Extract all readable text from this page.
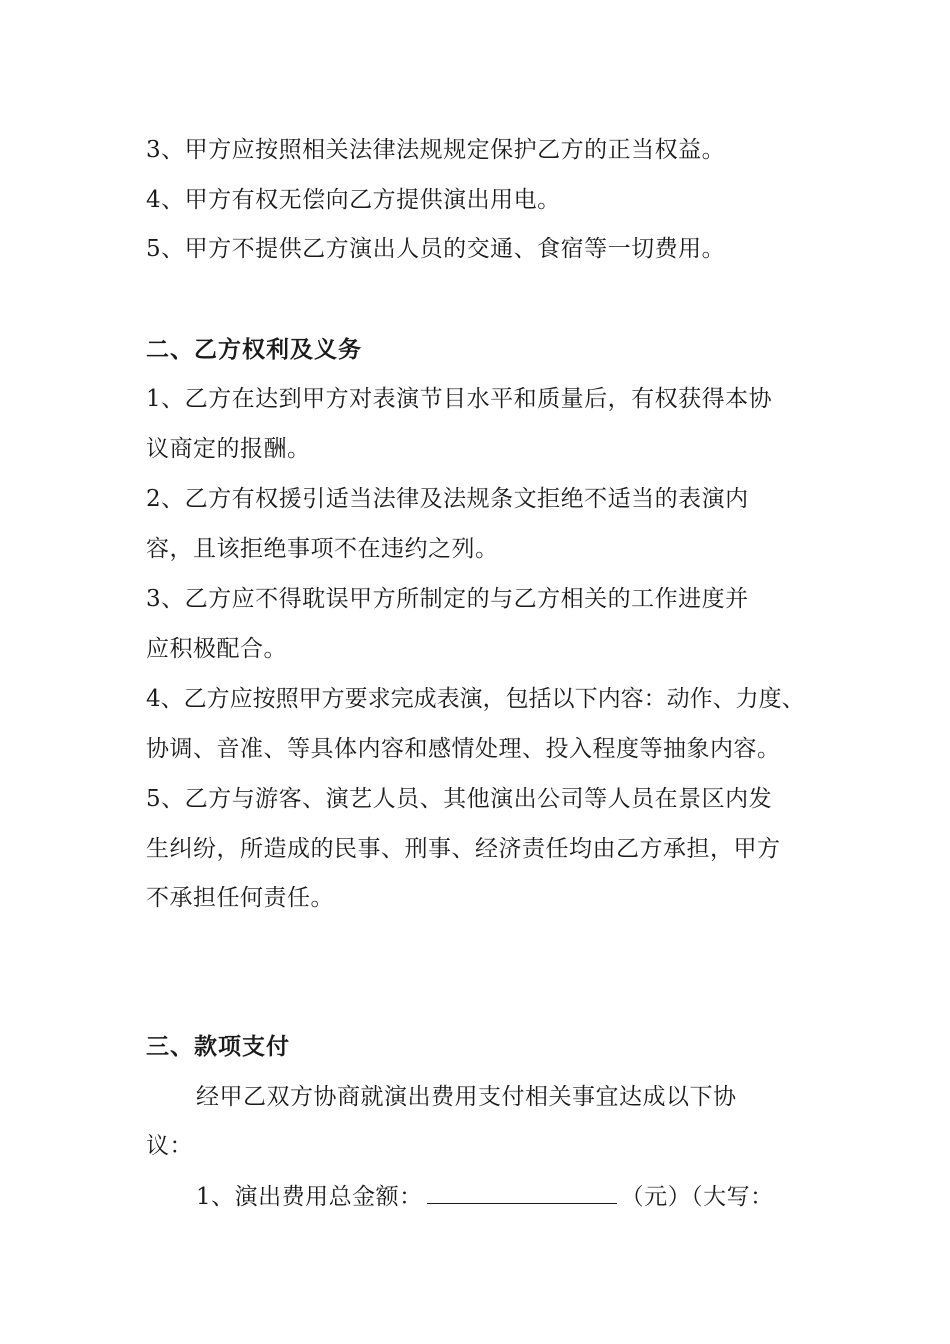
3、甲方应按照相关法律法规规定保护乙方的正当权益。
4、甲方有权无偿向乙方提供演出用电。
5、甲方不提供乙方演出人员的交通、食宿等一切费用。
二、乙方权利及义务
1、乙方在达到甲方对表演节目水平和质量后，有权获得本协
议商定的报酬。
2、乙方有权援引适当法律及法规条文拒绝不适当的表演内
容，且该拒绝事项不在违约之列。
3、乙方应不得耽误甲方所制定的与乙方相关的工作进度并
应积极配合。
4、乙方应按照甲方要求完成表演，包括以下内容：动作、力度、
协调、音准、等具体内容和感情处理、投入程度等抽象内容。
5、乙方与游客、演艺人员、其他演出公司等人员在景区内发
生纠纷，所造成的民事、刑事、经济责任均由乙方承担，甲方
不承担任何责任。
三、款项支付
经甲乙双方协商就演出费用支付相关事宜达成以下协
议：
1、演出费用总金额：	（元）（大写：
